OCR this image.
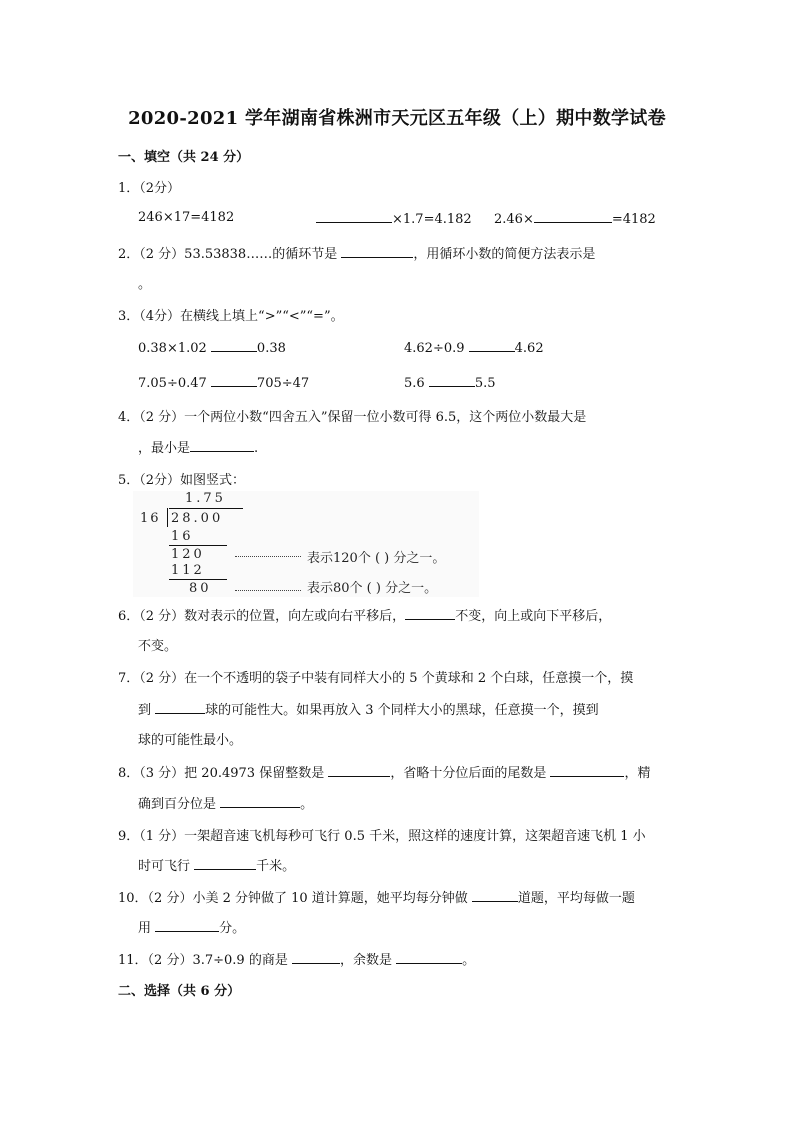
2020-2021 学年湖南省株洲市天元区五年级（上）期中数学试卷
一、填空（共 24 分）
1．（2分）
246×17=4182	×1.7=4.182 2.46×	=4182
2．（2 分）53.53838……的循环节是	，用循环小数的简便方法表示是
。
3．（4分）在横线上填上“>”“<”“=”。
0.38×1.02	0.38	4.62÷0.9	4.62
7.05÷0.47	705÷47	5.6	5.5
4．（2 分）一个两位小数“四舍五入”保留一位小数可得 6.5，这个两位小数最大是
，最小是	.
5．（2分）如图竖式：
1.75
16 28.00
16
120	表示120个 ( ) 分之一。
112
80	表示80个 ( ) 分之一。
6．（2 分）数对表示的位置，向左或向右平移后，	不变，向上或向下平移后，
不变。
7．（2 分）在一个不透明的袋子中装有同样大小的 5 个黄球和 2 个白球，任意摸一个，摸
到	球的可能性大。如果再放入 3 个同样大小的黑球，任意摸一个，摸到
球的可能性最小。
8．（3 分）把 20.4973 保留整数是	，省略十分位后面的尾数是	，精
确到百分位是	。
9．（1 分）一架超音速飞机每秒可飞行 0.5 千米，照这样的速度计算，这架超音速飞机 1 小
时可飞行	千米。
10．（2 分）小美 2 分钟做了 10 道计算题，她平均每分钟做	道题，平均每做一题
用	分。
11．（2 分）3.7÷0.9 的商是	，余数是	。
二、选择（共 6 分）
